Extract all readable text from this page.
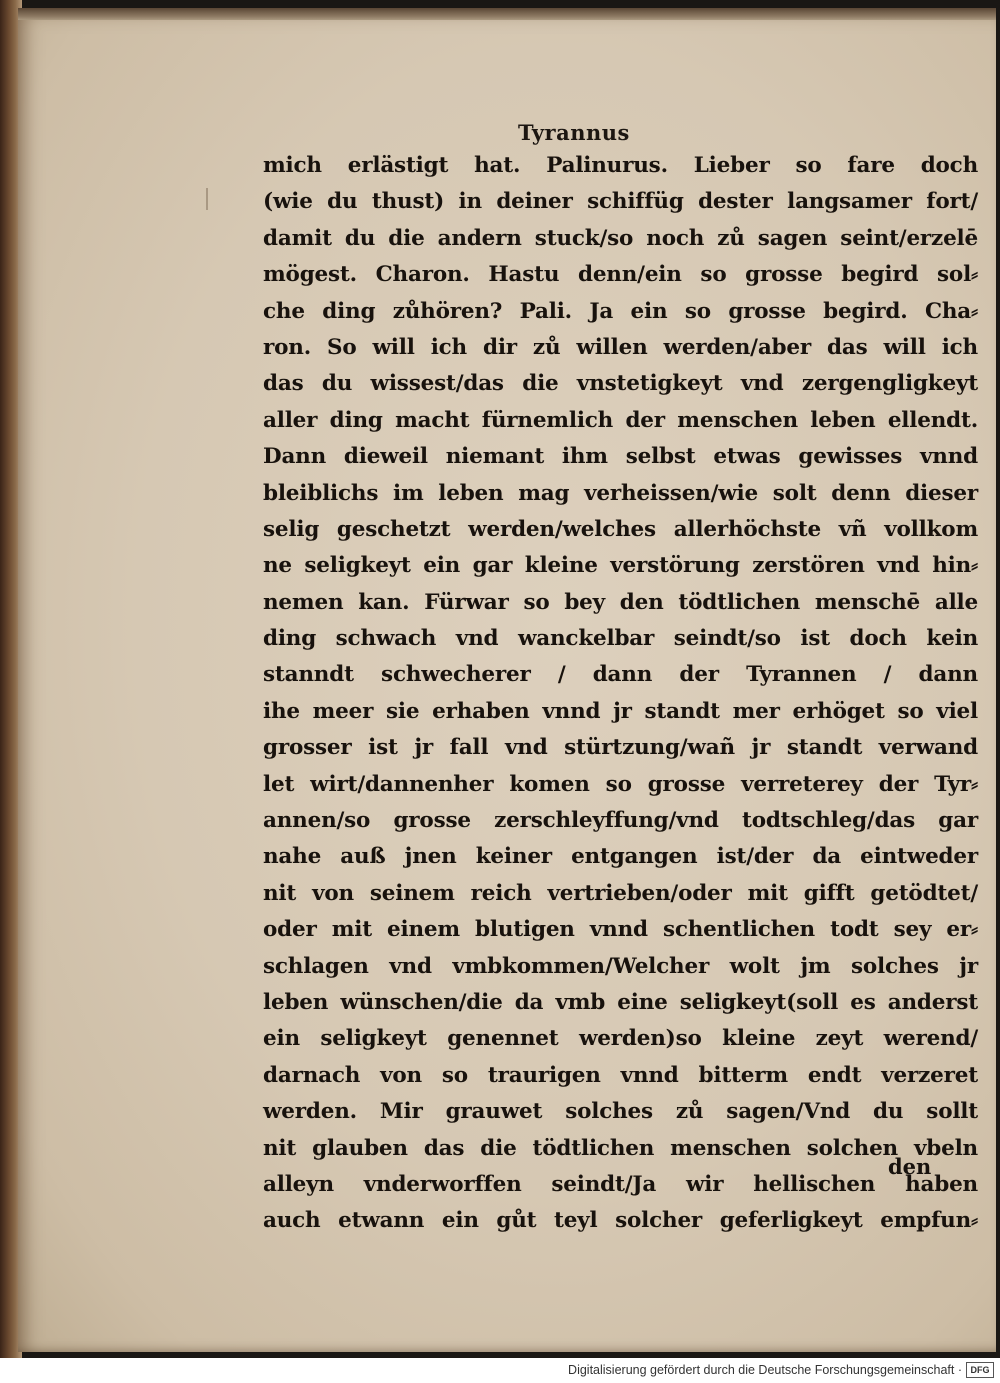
Tyrannus
mich erlästigt hat. Palinurus. Lieber so fare doch
(wie du thust) in deiner schiffüg dester langsamer fort/
damit du die andern stuck/so noch zů sagen seint/erzelē
mögest. Charon. Hastu denn/ein so grosse begird sol⸗
che ding zůhören? Pali. Ja ein so grosse begird. Cha⸗
ron. So will ich dir zů willen werden/aber das will ich
das du wissest/das die vnstetigkeyt vnd zergengligkeyt
aller ding macht fürnemlich der menschen leben ellendt.
Dann dieweil niemant ihm selbst etwas gewisses vnnd
bleiblichs im leben mag verheissen/wie solt denn dieser
selig geschetzt werden/welches allerhöchste vñ vollkom
ne seligkeyt ein gar kleine verstörung zerstören vnd hin⸗
nemen kan. Fürwar so bey den tödtlichen menschē alle
ding schwach vnd wanckelbar seindt/so ist doch kein
stanndt schwecherer / dann der Tyrannen / dann
ihe meer sie erhaben vnnd jr standt mer erhöget so viel
grosser ist jr fall vnd stürtzung/wañ jr standt verwand
let wirt/dannenher komen so grosse verreterey der Tyr⸗
annen/so grosse zerschleyffung/vnd todtschleg/das gar
nahe auß jnen keiner entgangen ist/der da eintweder
nit von seinem reich vertrieben/oder mit gifft getödtet/
oder mit einem blutigen vnnd schentlichen todt sey er⸗
schlagen vnd vmbkommen/Welcher wolt jm solches jr
leben wünschen/die da vmb eine seligkeyt(soll es anderst
ein seligkeyt genennet werden)so kleine zeyt werend/
darnach von so traurigen vnnd bitterm endt verzeret
werden. Mir grauwet solches zů sagen/Vnd du sollt
nit glauben das die tödtlichen menschen solchen vbeln
alleyn vnderworffen seindt/Ja wir hellischen haben
auch etwann ein gůt teyl solcher geferligkeyt empfun⸗
den
Digitalisierung gefördert durch die Deutsche Forschungsgemeinschaft · DFG
